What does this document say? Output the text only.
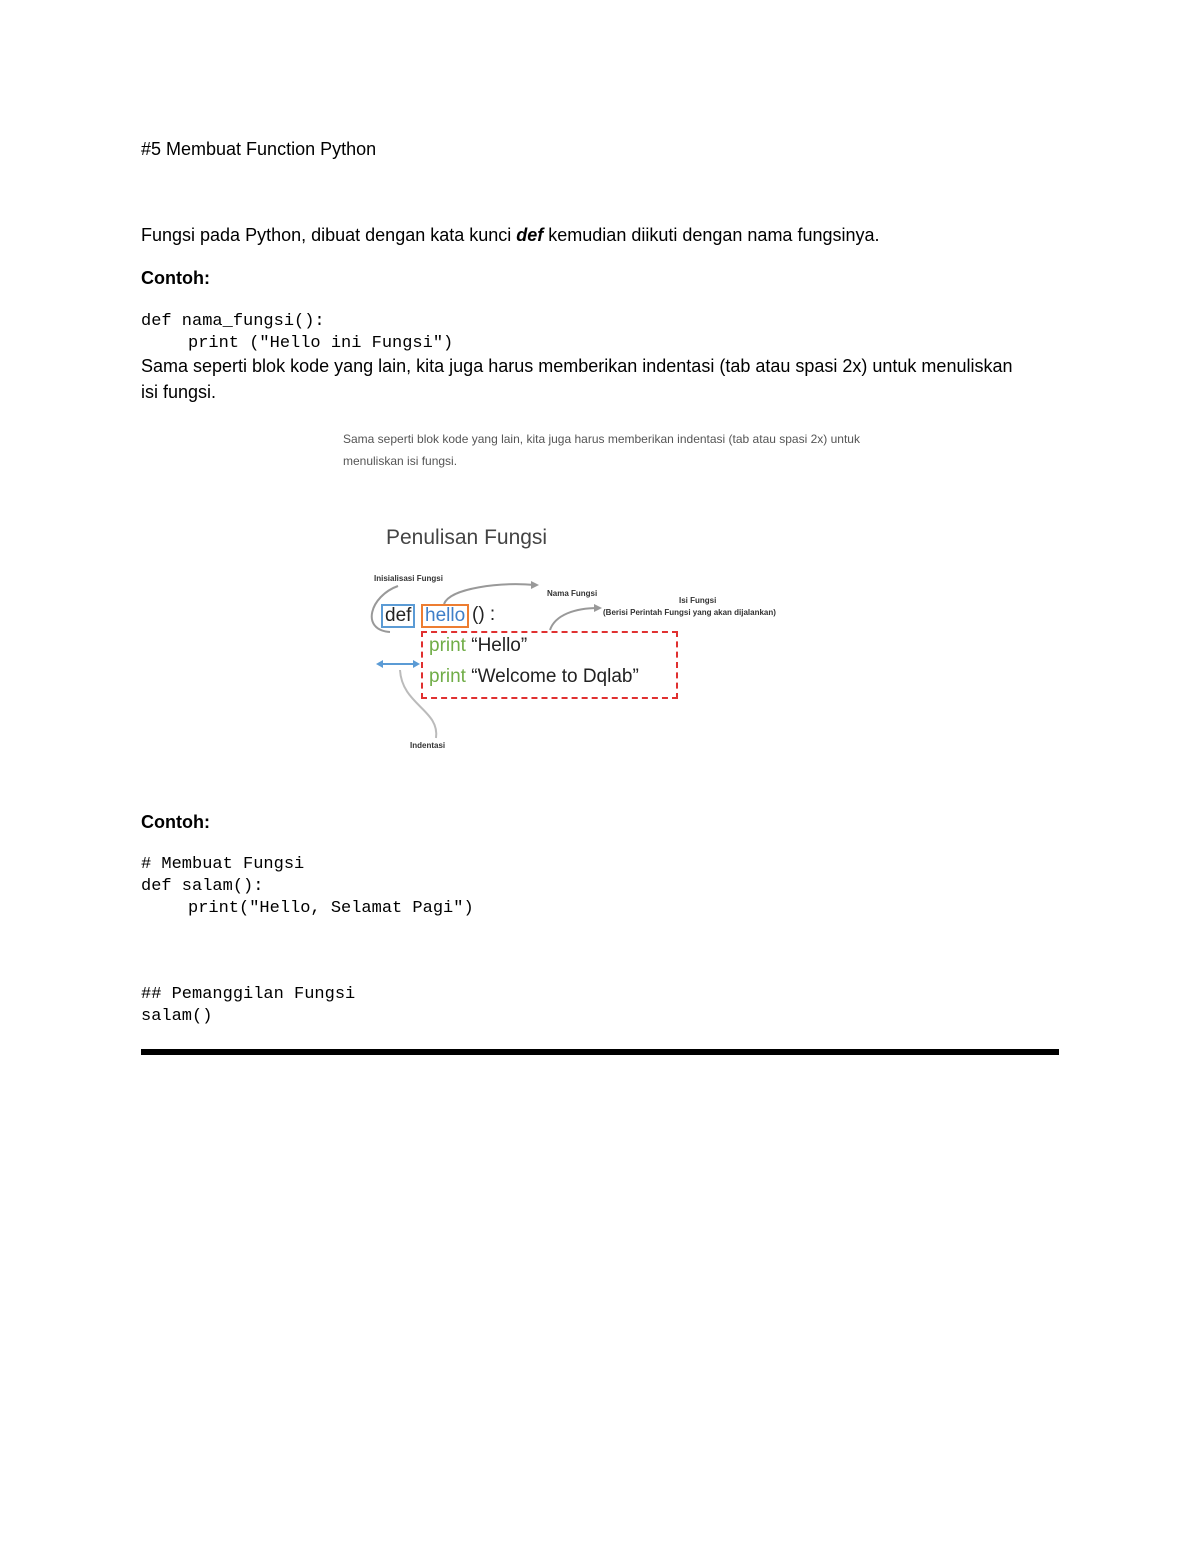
#5 Membuat Function Python
Fungsi pada Python, dibuat dengan kata kunci def kemudian diikuti dengan nama fungsinya.
Contoh:
def nama_fungsi():
print ("Hello ini Fungsi")
Sama seperti blok kode yang lain, kita juga harus memberikan indentasi (tab atau spasi 2x) untuk menuliskan isi fungsi.
Sama seperti blok kode yang lain, kita juga harus memberikan indentasi (tab atau spasi 2x) untuk menuliskan isi fungsi.
Penulisan Fungsi
Inisialisasi Fungsi
Nama Fungsi
Isi Fungsi
(Berisi Perintah Fungsi yang akan dijalankan)
Indentasi
def hello () :
print “Hello”
print “Welcome to Dqlab”
Contoh:
# Membuat Fungsi
def salam():
print("Hello, Selamat Pagi")
## Pemanggilan Fungsi
salam()
